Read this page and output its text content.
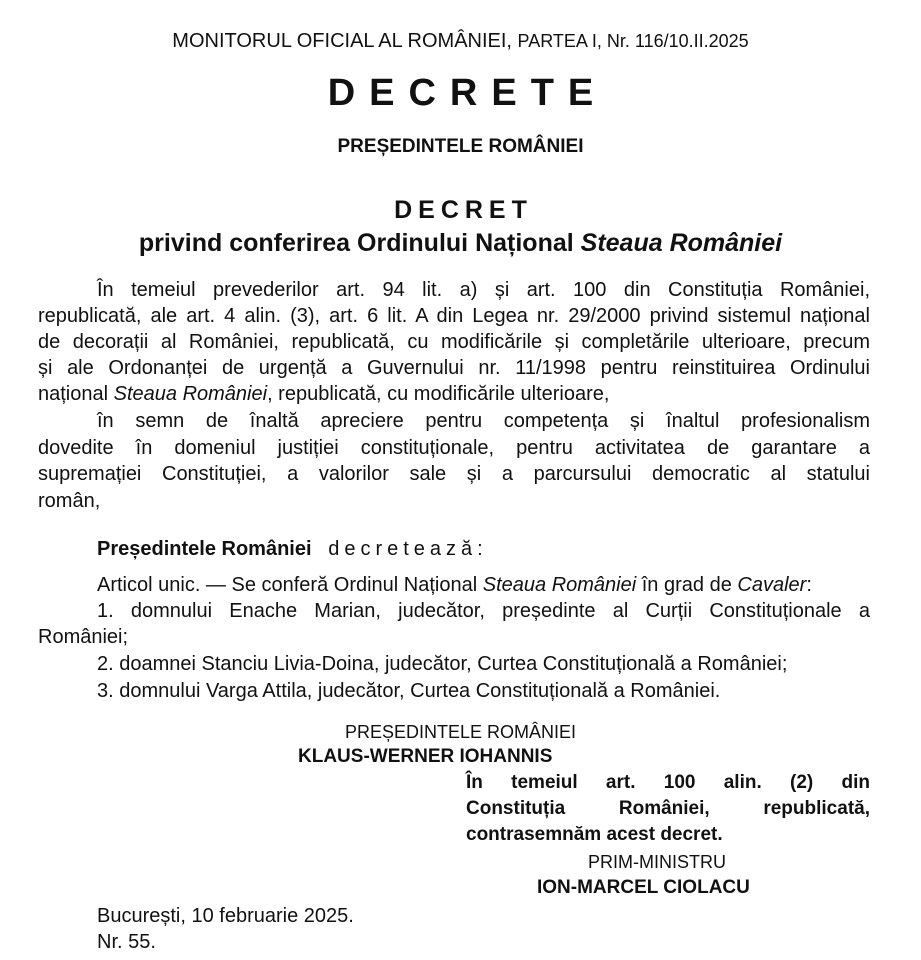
MONITORUL OFICIAL AL ROMÂNIEI, PARTEA I, Nr. 116/10.II.2025
DECRETE
PREȘEDINTELE ROMÂNIEI
DECRET
privind conferirea Ordinului Național Steaua României
În temeiul prevederilor art. 94 lit. a) și art. 100 din Constituția României,
republicată, ale art. 4 alin. (3), art. 6 lit. A din Legea nr. 29/2000 privind sistemul național
de decorații al României, republicată, cu modificările și completările ulterioare, precum
și ale Ordonanței de urgență a Guvernului nr. 11/1998 pentru reinstituirea Ordinului
național Steaua României, republicată, cu modificările ulterioare,
în semn de înaltă apreciere pentru competența și înaltul profesionalism
dovedite în domeniul justiției constituționale, pentru activitatea de garantare a
supremației Constituției, a valorilor sale și a parcursului democratic al statului
român,
Președintele României decretează:
Articol unic. — Se conferă Ordinul Național Steaua României în grad de Cavaler:
1. domnului Enache Marian, judecător, președinte al Curții Constituționale a
României;
2. doamnei Stanciu Livia-Doina, judecător, Curtea Constituțională a României;
3. domnului Varga Attila, judecător, Curtea Constituțională a României.
PREȘEDINTELE ROMÂNIEI
KLAUS-WERNER IOHANNIS
În temeiul art. 100 alin. (2) din
Constituția României, republicată,
contrasemnăm acest decret.
PRIM-MINISTRU
ION-MARCEL CIOLACU
București, 10 februarie 2025.
Nr. 55.
